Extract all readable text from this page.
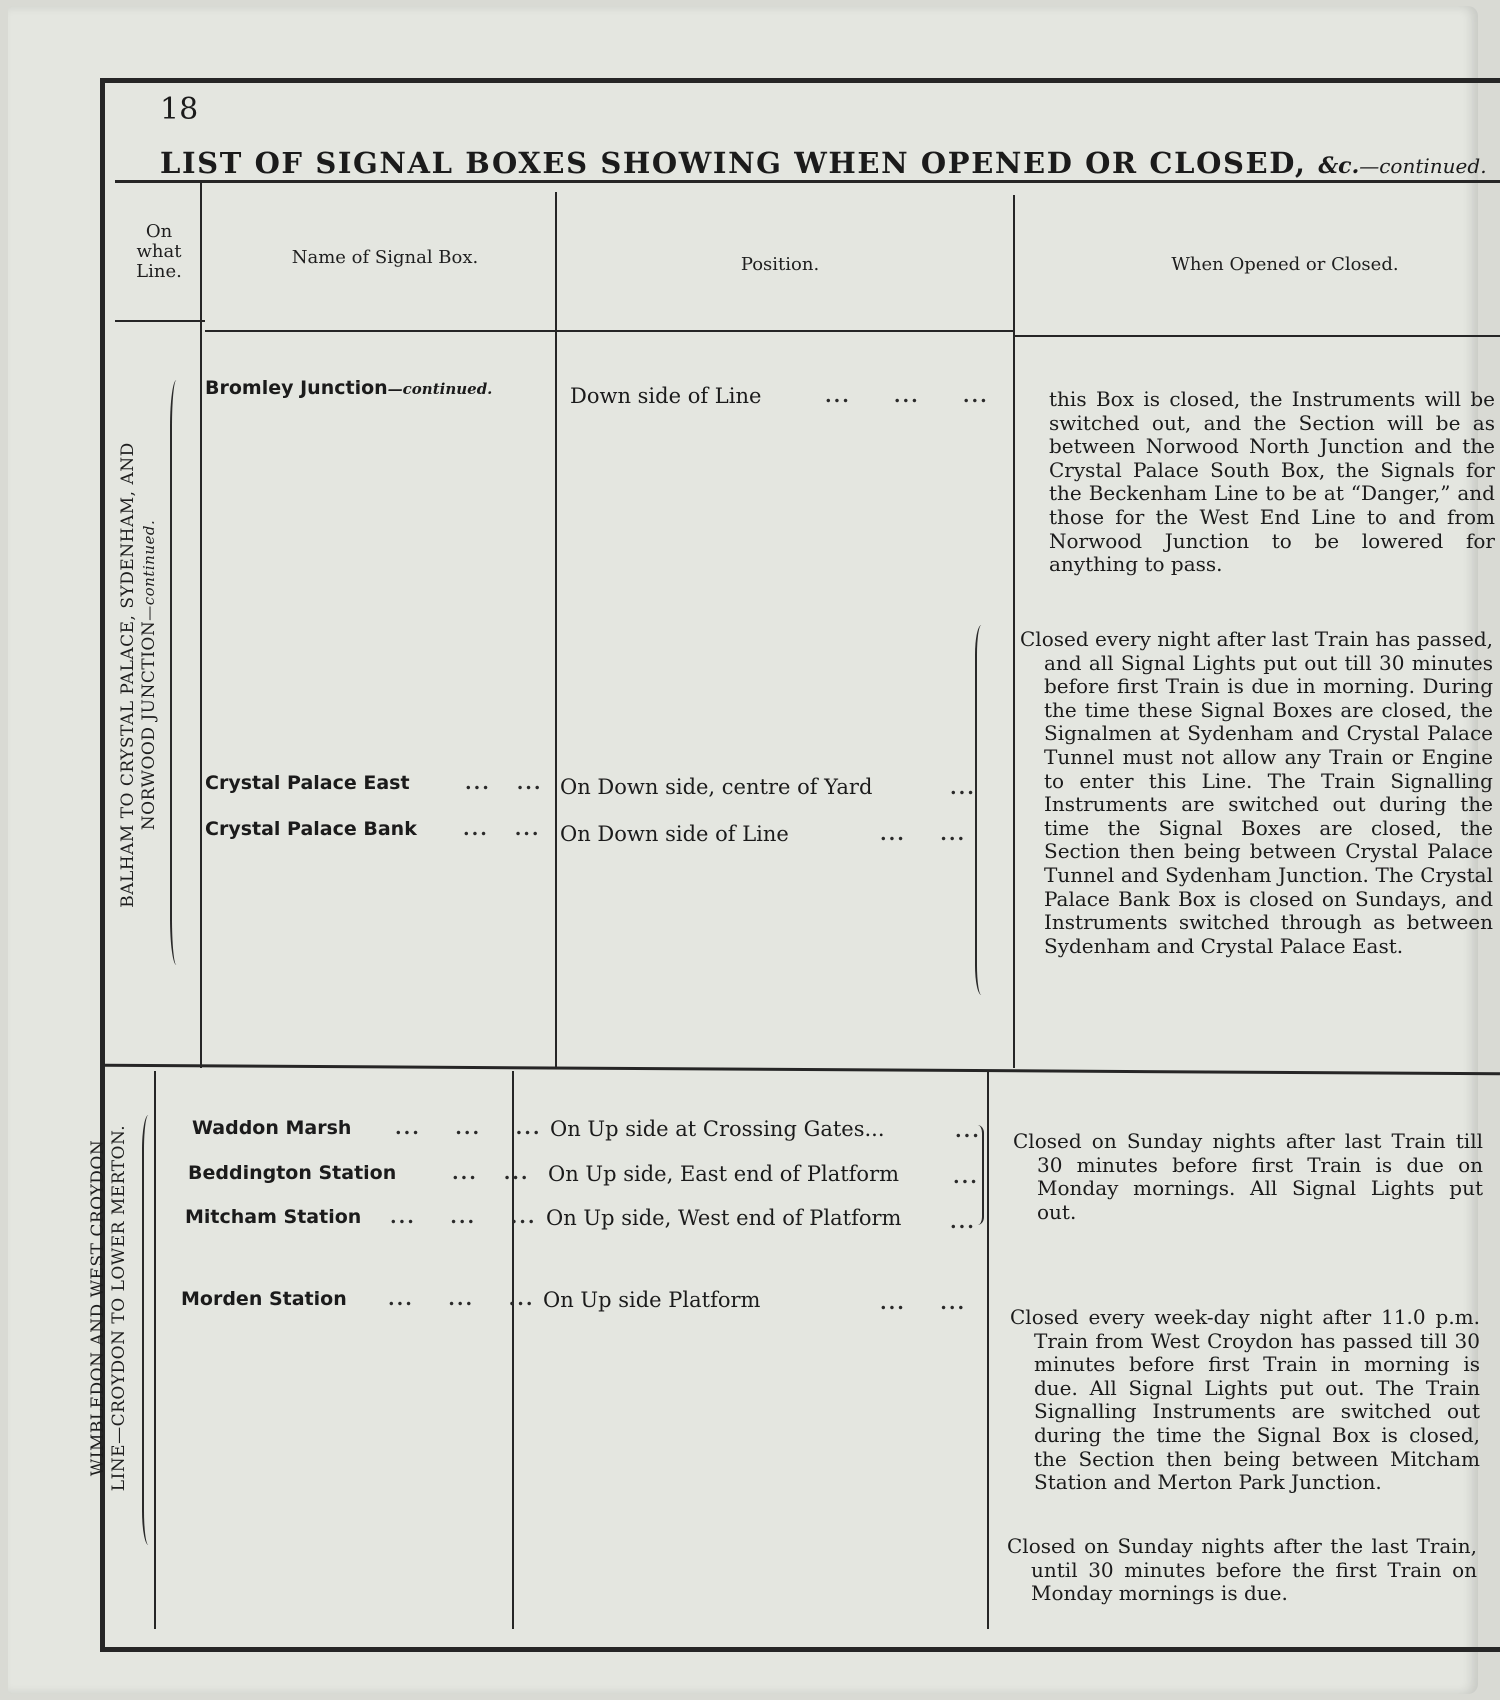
18
LIST OF SIGNAL BOXES SHOWING WHEN OPENED OR CLOSED, &c.—continued.
On what Line.
Name of Signal Box.	Position.	When Opened or Closed.
BALHAM TO CRYSTAL PALACE, SYDENHAM, AND NORWOOD JUNCTION—continued.
Bromley Junction—continued.	Down side of Line	...     ...     ...
Crystal Palace East	...   ... On Down side, centre of Yard	...
Crystal Palace Bank ...   ... On Down side of Line	...    ...
this Box is closed, the Instruments will be switched out, and the Section will be as between Norwood North Junction and the Crystal Palace South Box, the Signals for the Beckenham Line to be at “Danger,” and those for the West End Line to and from Norwood Junction to be lowered for anything to pass.
Closed every night after last Train has passed, and all Signal Lights put out till 30 minutes before first Train is due in morning. During the time these Signal Boxes are closed, the Signalmen at Sydenham and Crystal Palace Tunnel must not allow any Train or Engine to enter this Line. The Train Signalling Instruments are switched out during the time the Signal Boxes are closed, the Section then being between Crystal Palace Tunnel and Sydenham Junction. The Crystal Palace Bank Box is closed on Sundays, and Instruments switched through as between Sydenham and Crystal Palace East.
WIMBLEDON AND WEST CROYDON LINE—CROYDON TO LOWER MERTON.	Waddon Marsh ...    ...    ... On Up side at Crossing Gates...	...
Beddington Station	...   ... On Up side, East end of Platform	...
Mitcham Station ...    ...    ... On Up side, West end of Platform	...
Morden Station ...    ...    ... On Up side Platform	...    ...
Closed on Sunday nights after last Train till 30 minutes before first Train is due on Monday mornings. All Signal Lights put out.
Closed every week-day night after 11.0 p.m. Train from West Croydon has passed till 30 minutes before first Train in morning is due. All Signal Lights put out. The Train Signalling Instruments are switched out during the time the Signal Box is closed, the Section then being between Mitcham Station and Merton Park Junction.
Closed on Sunday nights after the last Train, until 30 minutes before the first Train on Monday mornings is due.
